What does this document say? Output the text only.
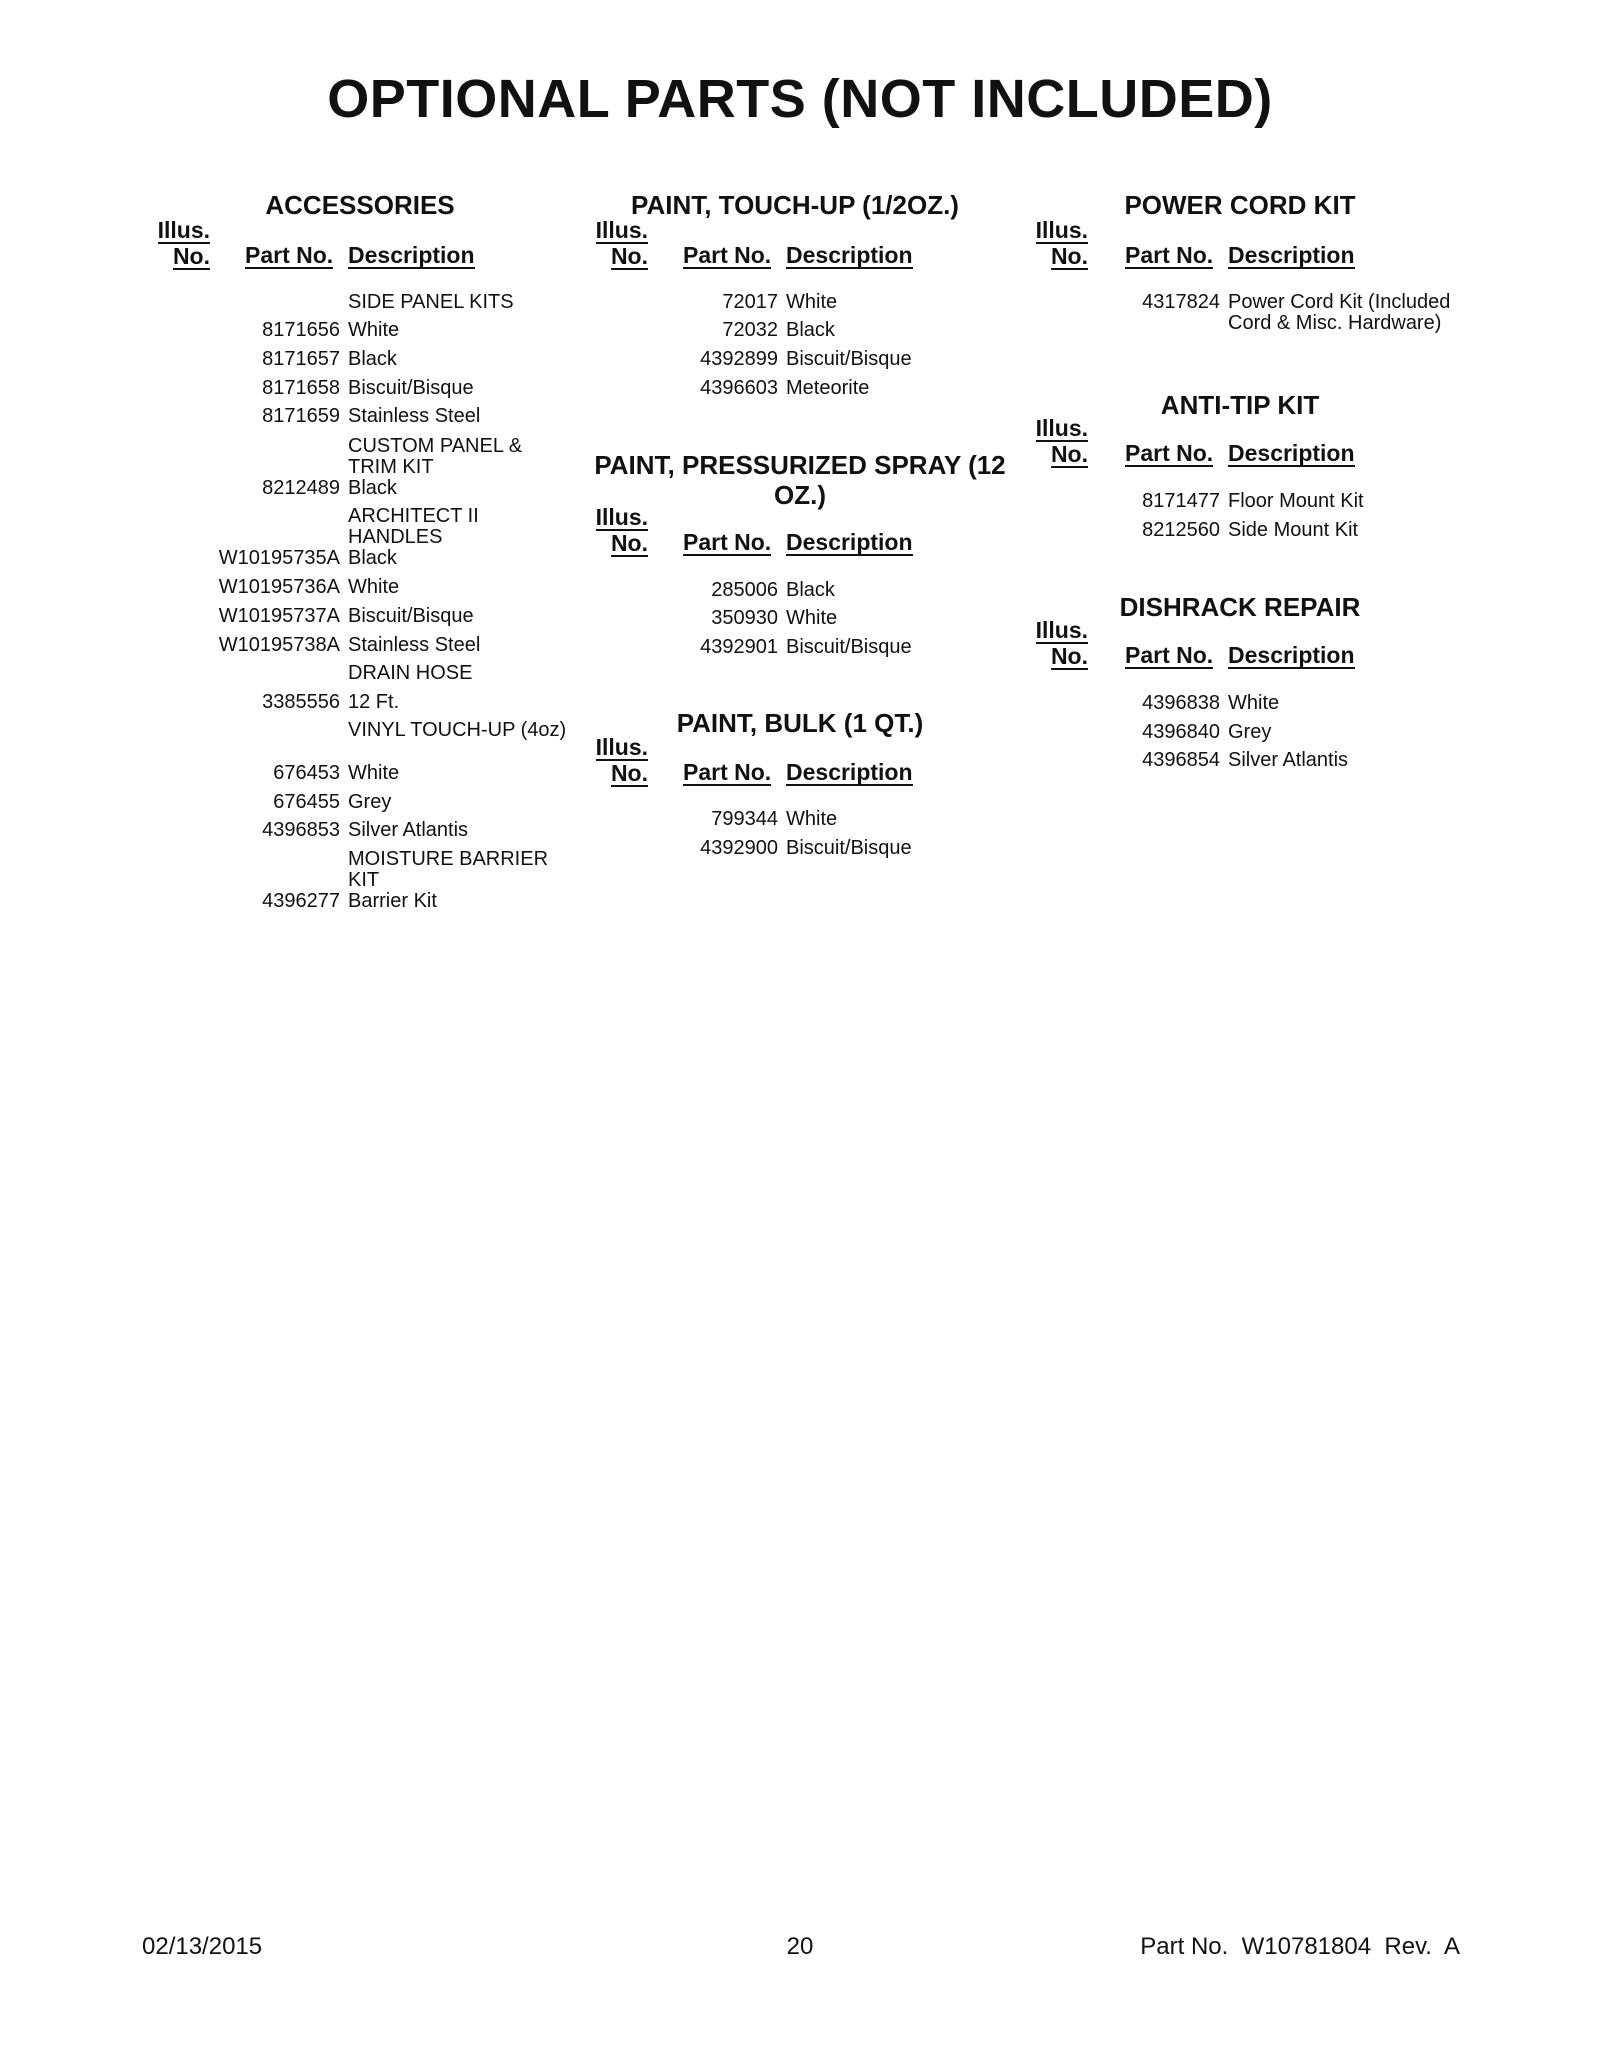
OPTIONAL PARTS (NOT INCLUDED)
ACCESSORIES
Illus.
No. Part No. Description
SIDE PANEL KITS
8171656 White
8171657 Black
8171658 Biscuit/Bisque
8171659 Stainless Steel
CUSTOM PANEL & TRIM KIT
8212489 Black
ARCHITECT II HANDLES
W10195735A Black
W10195736A White
W10195737A Biscuit/Bisque
W10195738A Stainless Steel
DRAIN HOSE
3385556 12 Ft.
VINYL TOUCH-UP (4oz)
676453 White
676455 Grey
4396853 Silver Atlantis
MOISTURE BARRIER KIT
4396277 Barrier Kit
PAINT, TOUCH-UP (1/2OZ.)
Illus.
No. Part No. Description
72017 White
72032 Black
4392899 Biscuit/Bisque
4396603 Meteorite
PAINT, PRESSURIZED SPRAY (12 OZ.)
Illus.
No. Part No. Description
285006 Black
350930 White
4392901 Biscuit/Bisque
PAINT, BULK (1 QT.)
Illus.
No. Part No. Description
799344 White
4392900 Biscuit/Bisque
POWER CORD KIT
Illus.
No. Part No. Description
4317824 Power Cord Kit (Included Cord & Misc. Hardware)
ANTI-TIP KIT
Illus.
No. Part No. Description
8171477 Floor Mount Kit
8212560 Side Mount Kit
DISHRACK REPAIR
Illus.
No. Part No. Description
4396838 White
4396840 Grey
4396854 Silver Atlantis
02/13/2015	20	Part No.  W10781804  Rev.  A
